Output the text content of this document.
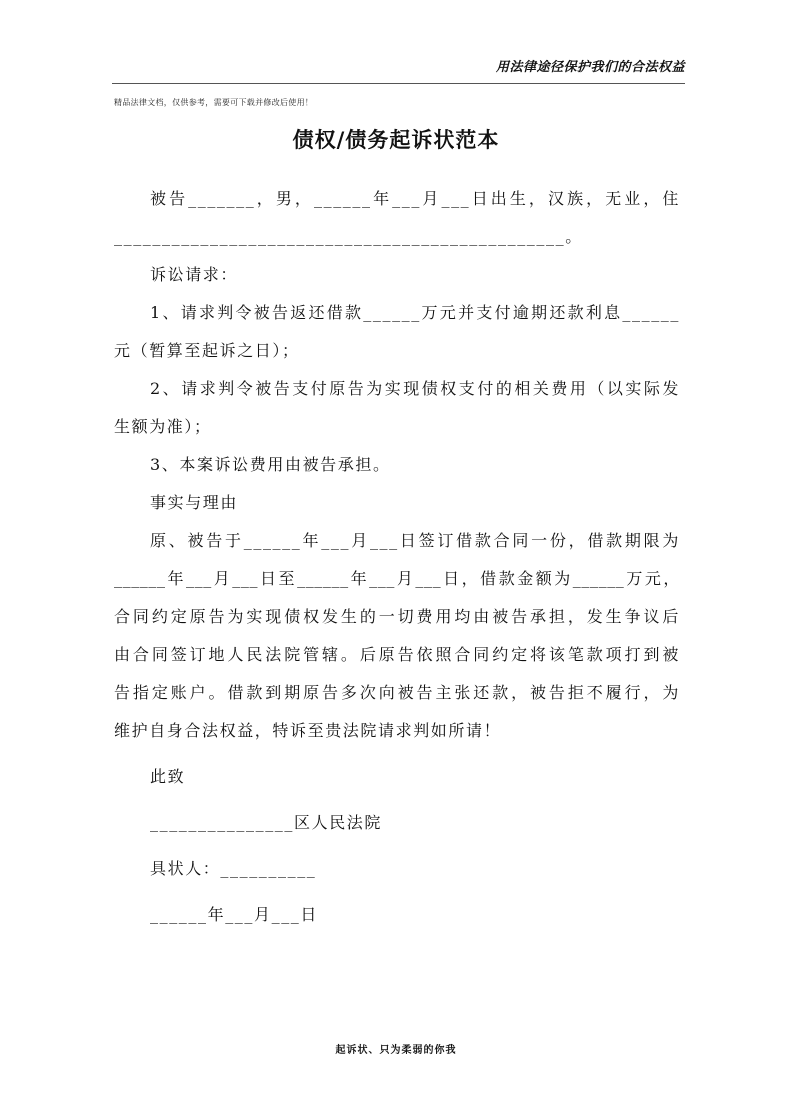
用法律途径保护我们的合法权益
精品法律文档，仅供参考，需要可下载并修改后使用！
债权/债务起诉状范本

被告_______，男，______年___月___日出生，汉族，无业，住

_______________________________________________。

诉讼请求：

1、请求判令被告返还借款______万元并支付逾期还款利息______

元（暂算至起诉之日）；

2、请求判令被告支付原告为实现债权支付的相关费用（以实际发

生额为准）；

3、本案诉讼费用由被告承担。

事实与理由

原、被告于______年___月___日签订借款合同一份，借款期限为

______年___月___日至______年___月___日，借款金额为______万元，

合同约定原告为实现债权发生的一切费用均由被告承担，发生争议后

由合同签订地人民法院管辖。后原告依照合同约定将该笔款项打到被

告指定账户。借款到期原告多次向被告主张还款，被告拒不履行，为

维护自身合法权益，特诉至贵法院请求判如所请！

此致

_______________区人民法院

具状人：__________

______年___月___日

起诉状、只为柔弱的你我
